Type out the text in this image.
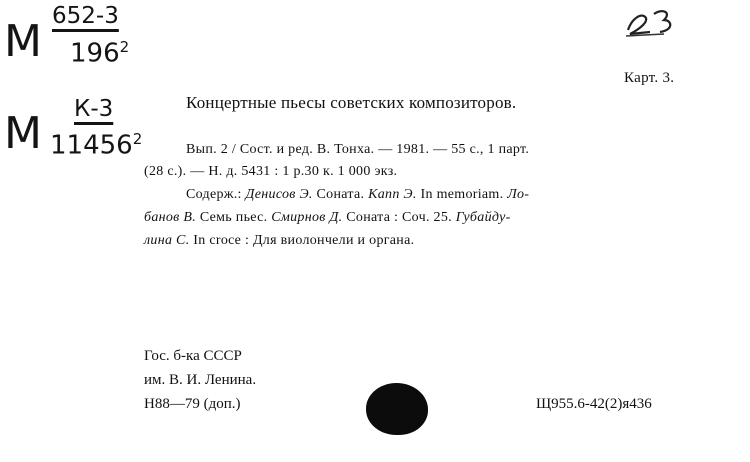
М 652-3
$196^2$
М К-3
11456$^2$
Карт. 3.
Концертные пьесы советских композиторов.
Вып. 2 / Сост. и ред. В. Тонха. — 1981. — 55 с., 1 парт.
(28 с.). — Н. д. 5431 : 1 р.30 к. 1 000 экз.
Содерж.: Денисов Э. Соната. Капп Э. In memoriam. Ло-
банов В. Семь пьес. Смирнов Д. Соната : Соч. 25. Губайду-
лина С. In croce : Для виолончели и органа.
Гос. б-ка СССР
им. В. И. Ленина.
Н88—79 (доп.)	Щ955.6-42(2)я436
